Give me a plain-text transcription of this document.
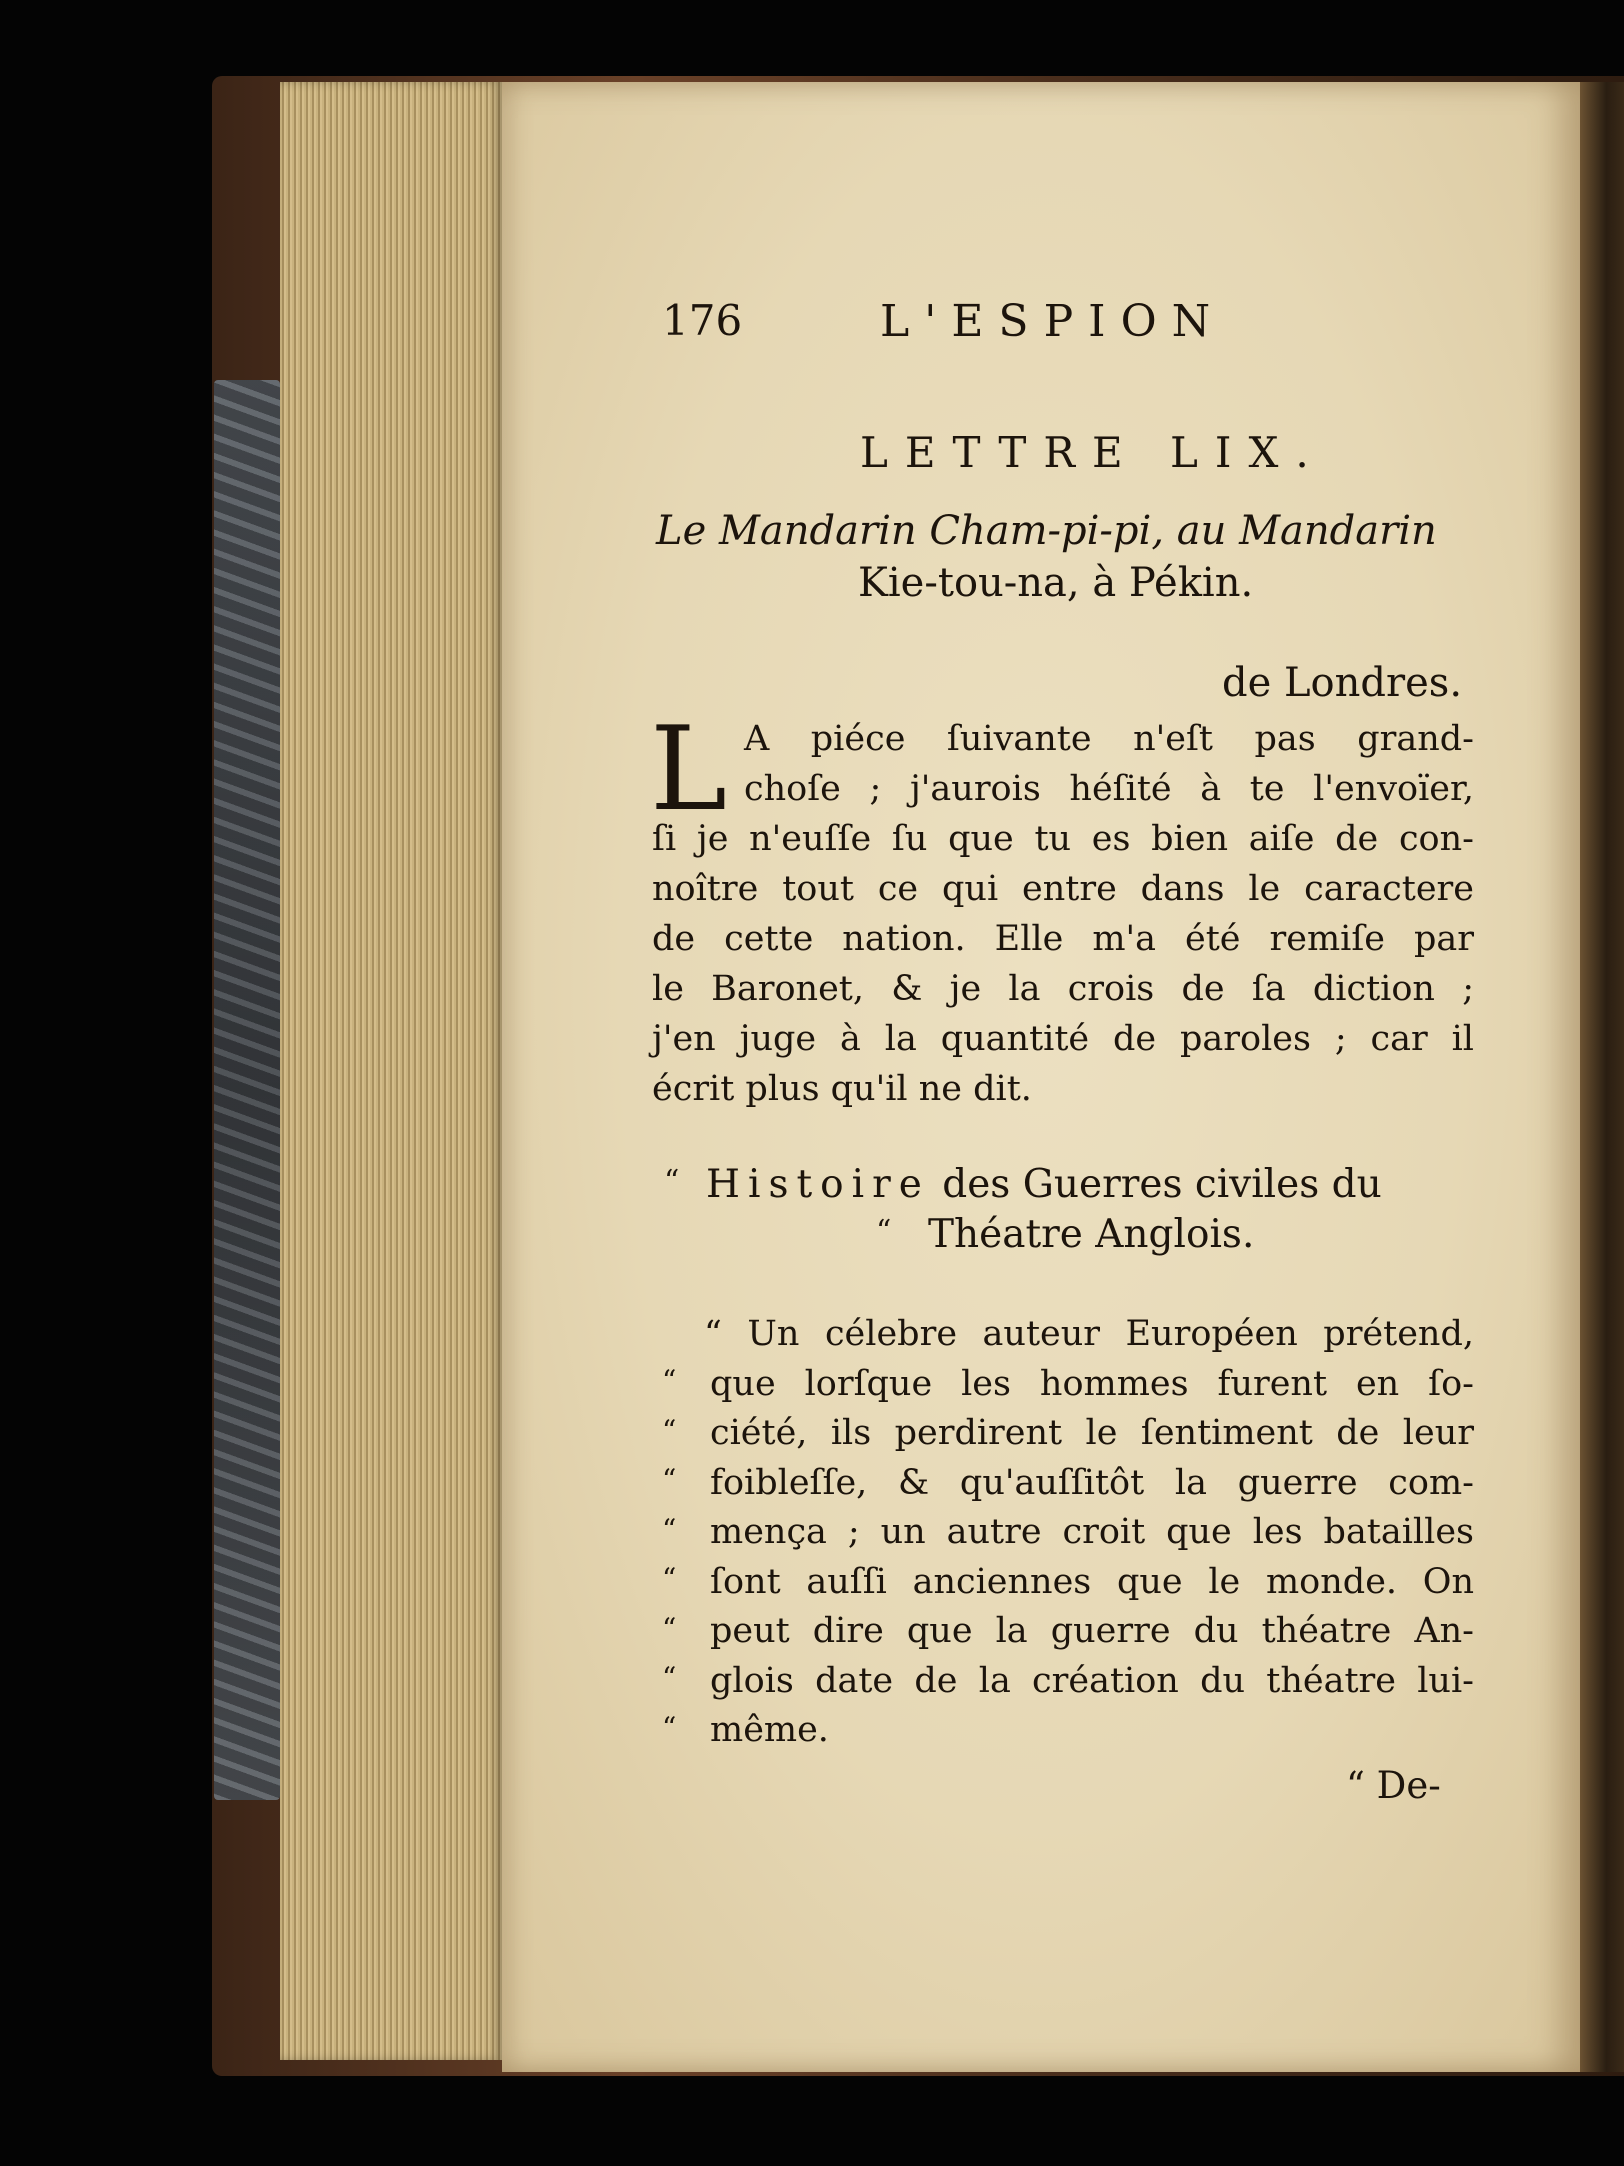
176	L'ESPION
LETTRE LIX.
Le Mandarin Cham-pi-pi, au Mandarin
Kie-tou-na, à Pékin.
de Londres.
L A piéce ſuivante n'eſt pas grand-
choſe ; j'aurois héſité à te l'envoïer,
ſi je n'euſſe ſu que tu es bien aiſe de con-
noître tout ce qui entre dans le caractere
de cette nation. Elle m'a été remiſe par
le Baronet, & je la crois de ſa diction ;
j'en juge à la quantité de paroles ; car il
écrit plus qu'il ne dit.
“ Histoire des Guerres civiles du
“ Théatre Anglois.
“
“
“
“
“
“
“
“
“ Un célebre auteur Européen prétend,
que lorſque les hommes furent en ſo-
ciété, ils perdirent le ſentiment de leur
foibleſſe, & qu'auſſitôt la guerre com-
mença ; un autre croit que les batailles
ſont auſſi anciennes que le monde. On
peut dire que la guerre du théatre An-
glois date de la création du théatre lui-
même.
“ De-
